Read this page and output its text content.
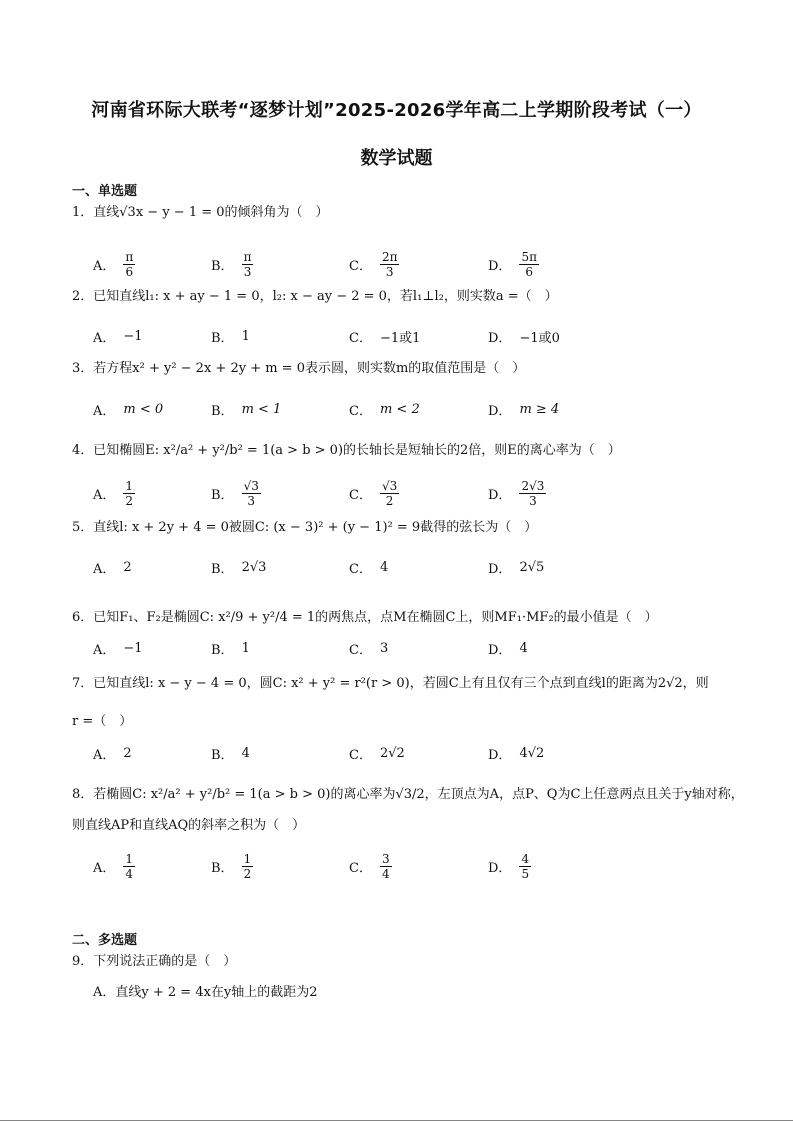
河南省环际大联考“逐梦计划”2025-2026学年高二上学期阶段考试（一）
数学试题
一、单选题
1．直线√3x − y − 1 = 0的倾斜角为（　）
A． $\frac{\pi}{6}$	B． $\frac{\pi}{3}$	C． $\frac{2\pi}{3}$	D． $\frac{5\pi}{6}$
2．已知直线l₁: x + ay − 1 = 0，l₂: x − ay − 2 = 0，若l₁⊥l₂，则实数a =（　）
A． −1	B． 1	C． −1或1	D． −1或0
3．若方程x² + y² − 2x + 2y + m = 0表示圆，则实数m的取值范围是（　）
A． m < 0	B． m < 1	C． m < 2	D． m ≥ 4
4．已知椭圆E: x²/a² + y²/b² = 1(a > b > 0)的长轴长是短轴长的2倍，则E的离心率为（　）
A． $\frac{1}{2}$	B． $\frac{√3}{3}$	C． $\frac{√3}{2}$	D． $\frac{2√3}{3}$
5．直线l: x + 2y + 4 = 0被圆C: (x − 3)² + (y − 1)² = 9截得的弦长为（　）
A． 2	B． 2√3	C． 4	D． 2√5
6．已知F₁、F₂是椭圆C: x²/9 + y²/4 = 1的两焦点，点M在椭圆C上，则MF₁·MF₂的最小值是（　）
A． −1	B． 1	C． 3	D． 4
7．已知直线l: x − y − 4 = 0，圆C: x² + y² = r²(r > 0)，若圆C上有且仅有三个点到直线l的距离为2√2，则
r =（　）
A． 2	B． 4	C． 2√2	D． 4√2
8．若椭圆C: x²/a² + y²/b² = 1(a > b > 0)的离心率为√3/2，左顶点为A，点P、Q为C上任意两点且关于y轴对称，
则直线AP和直线AQ的斜率之积为（　）
A． $\frac{1}{4}$	B． $\frac{1}{2}$	C． $\frac{3}{4}$	D． $\frac{4}{5}$
二、多选题
9．下列说法正确的是（　）
A．直线y + 2 = 4x在y轴上的截距为2
